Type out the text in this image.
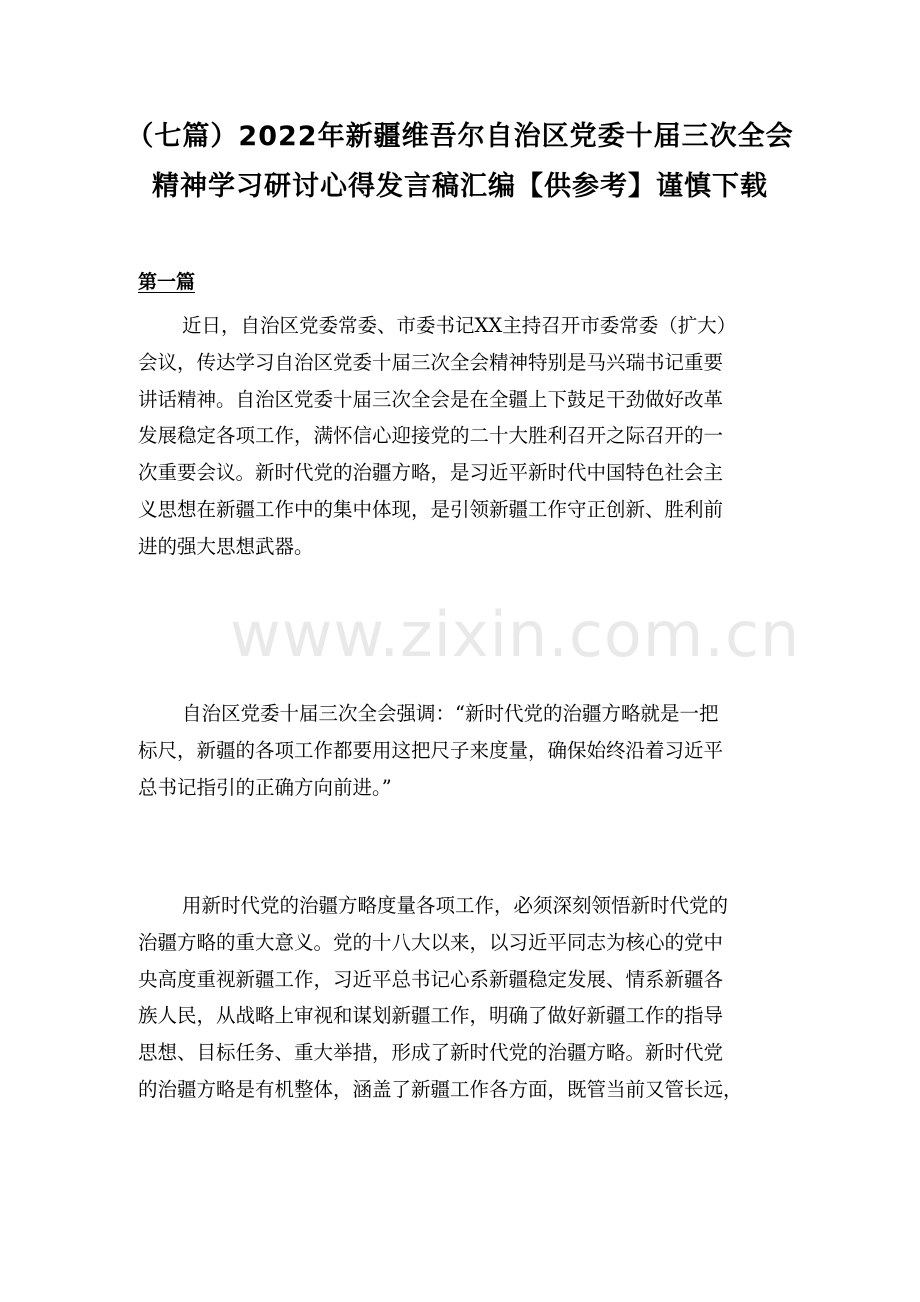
（七篇）2022年新疆维吾尔自治区党委十届三次全会
精神学习研讨心得发言稿汇编【供参考】谨慎下载
第一篇
近日，自治区党委常委、市委书记XX主持召开市委常委（扩大）
会议，传达学习自治区党委十届三次全会精神特别是马兴瑞书记重要
讲话精神。自治区党委十届三次全会是在全疆上下鼓足干劲做好改革
发展稳定各项工作，满怀信心迎接党的二十大胜利召开之际召开的一
次重要会议。新时代党的治疆方略，是习近平新时代中国特色社会主
义思想在新疆工作中的集中体现，是引领新疆工作守正创新、胜利前
进的强大思想武器。
自治区党委十届三次全会强调：“新时代党的治疆方略就是一把
标尺，新疆的各项工作都要用这把尺子来度量，确保始终沿着习近平
总书记指引的正确方向前进。”
用新时代党的治疆方略度量各项工作，必须深刻领悟新时代党的
治疆方略的重大意义。党的十八大以来，以习近平同志为核心的党中
央高度重视新疆工作，习近平总书记心系新疆稳定发展、情系新疆各
族人民，从战略上审视和谋划新疆工作，明确了做好新疆工作的指导
思想、目标任务、重大举措，形成了新时代党的治疆方略。新时代党
的治疆方略是有机整体，涵盖了新疆工作各方面，既管当前又管长远，
www.zixin.com.cn
